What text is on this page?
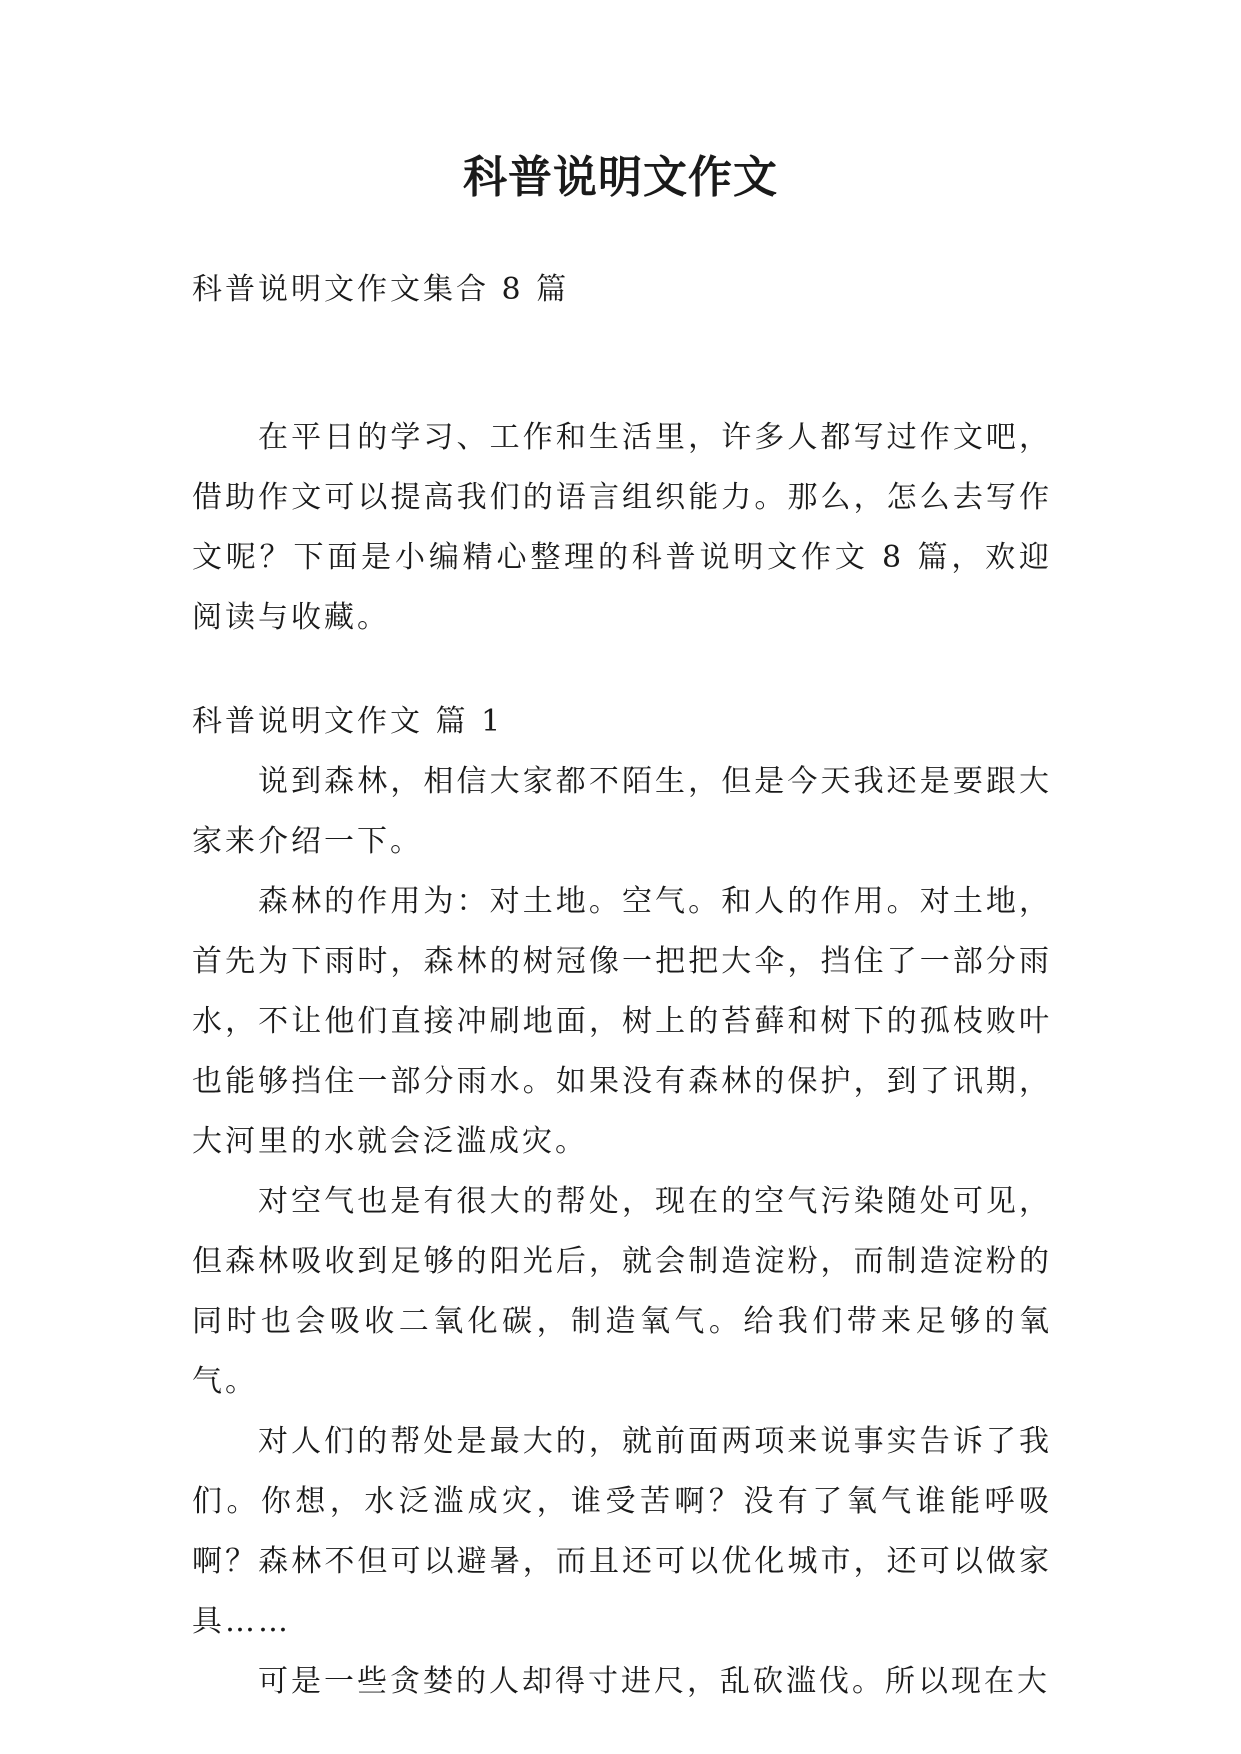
科普说明文作文
科普说明文作文集合 8 篇
在平日的学习、工作和生活里，许多人都写过作文吧，借助作文可以提高我们的语言组织能力。那么，怎么去写作文呢？下面是小编精心整理的科普说明文作文 8 篇，欢迎阅读与收藏。
科普说明文作文 篇 1

说到森林，相信大家都不陌生，但是今天我还是要跟大家来介绍一下。

森林的作用为：对土地。空气。和人的作用。对土地，首先为下雨时，森林的树冠像一把把大伞，挡住了一部分雨水，不让他们直接冲刷地面，树上的苔藓和树下的孤枝败叶也能够挡住一部分雨水。如果没有森林的保护，到了讯期，大河里的水就会泛滥成灾。

对空气也是有很大的帮处，现在的空气污染随处可见，但森林吸收到足够的阳光后，就会制造淀粉，而制造淀粉的同时也会吸收二氧化碳，制造氧气。给我们带来足够的氧气。

对人们的帮处是最大的，就前面两项来说事实告诉了我们。你想，水泛滥成灾，谁受苦啊？没有了氧气谁能呼吸啊？森林不但可以避暑，而且还可以优化城市，还可以做家具……

可是一些贪婪的人却得寸进尺，乱砍滥伐。所以现在大
